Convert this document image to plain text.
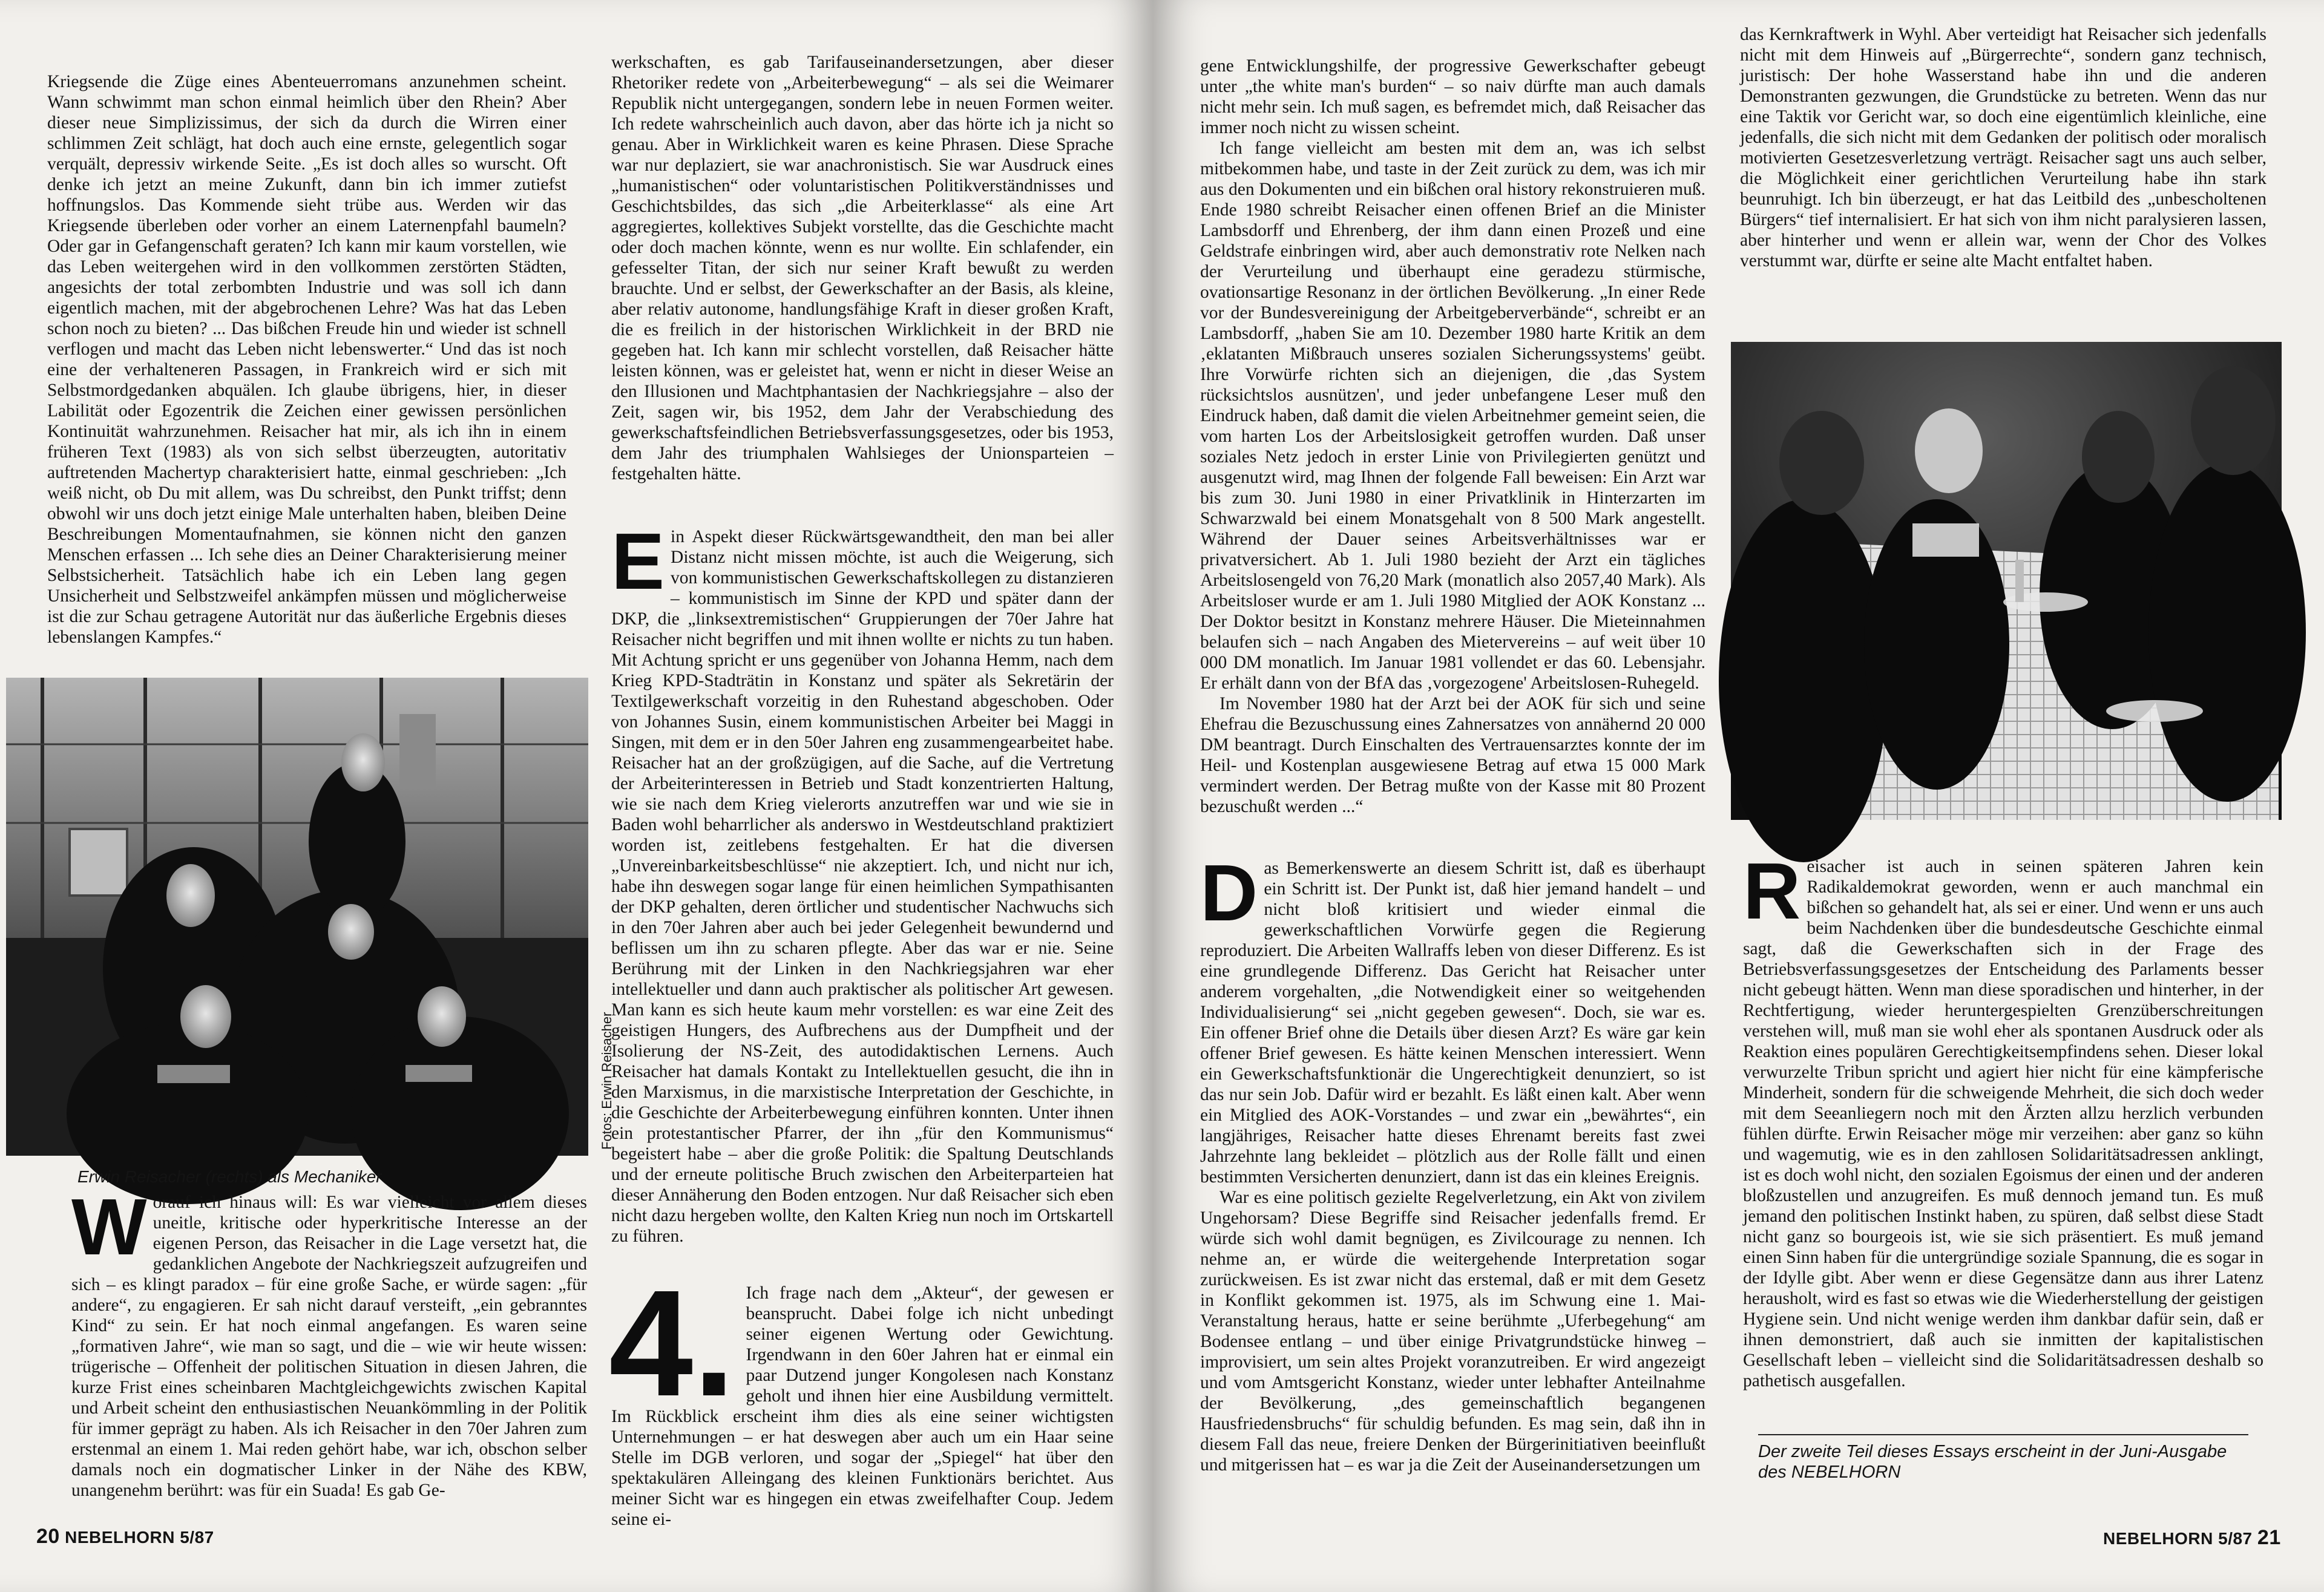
Kriegsende die Züge eines Abenteuerromans anzunehmen scheint. Wann schwimmt man schon einmal heimlich über den Rhein? Aber dieser neue Simplizissimus, der sich da durch die Wirren einer schlimmen Zeit schlägt, hat doch auch eine ernste, gelegentlich sogar verquält, depressiv wirkende Seite. „Es ist doch alles so wurscht. Oft denke ich jetzt an meine Zukunft, dann bin ich immer zutiefst hoffnungslos. Das Kommende sieht trübe aus. Werden wir das Kriegsende überleben oder vorher an einem Laternenpfahl baumeln? Oder gar in Gefangenschaft geraten? Ich kann mir kaum vorstellen, wie das Leben weitergehen wird in den vollkommen zerstörten Städten, angesichts der total zerbombten Industrie und was soll ich dann eigentlich machen, mit der abgebrochenen Lehre? Was hat das Leben schon noch zu bieten? ... Das bißchen Freude hin und wieder ist schnell verflogen und macht das Leben nicht lebenswerter.“ Und das ist noch eine der verhalteneren Passagen, in Frankreich wird er sich mit Selbstmordgedanken abquälen. Ich glaube übrigens, hier, in dieser Labilität oder Egozentrik die Zeichen einer gewissen persönlichen Kontinuität wahrzunehmen. Reisacher hat mir, als ich ihn in einem früheren Text (1983) als von sich selbst überzeugten, autoritativ auftretenden Machertyp charakterisiert hatte, einmal geschrieben: „Ich weiß nicht, ob Du mit allem, was Du schreibst, den Punkt triffst; denn obwohl wir uns doch jetzt einige Male unterhalten haben, bleiben Deine Beschreibungen Momentaufnahmen, sie können nicht den ganzen Menschen erfassen ... Ich sehe dies an Deiner Charakterisierung meiner Selbstsicherheit. Tatsächlich habe ich ein Leben lang gegen Unsicherheit und Selbstzweifel ankämpfen müssen und möglicherweise ist die zur Schau getragene Autorität nur das äußerliche Ergebnis dieses lebenslangen Kampfes.“

Fotos: Erwin Reisacher
Erwin Reisacher (rechts) als Mechaniker
W orauf ich hinaus will: Es war vielleicht vor allem dieses uneitle, kritische oder hyperkritische Interesse an der eigenen Person, das Reisacher in die Lage versetzt hat, die gedanklichen Angebote der Nachkriegszeit aufzugreifen und sich – es klingt paradox – für eine große Sache, er würde sagen: „für andere“, zu engagieren. Er sah nicht darauf versteift, „ein gebranntes Kind“ zu sein. Er hat noch einmal angefangen. Es waren seine „formativen Jahre“, wie man so sagt, und die – wie wir heute wissen: trügerische – Offenheit der politischen Situation in diesen Jahren, die kurze Frist eines scheinbaren Machtgleichgewichts zwischen Kapital und Arbeit scheint den enthusiastischen Neuankömmling in der Politik für immer geprägt zu haben. Als ich Reisacher in den 70er Jahren zum erstenmal an einem 1. Mai reden gehört habe, war ich, obschon selber damals noch ein dogmatischer Linker in der Nähe des KBW, unangenehm berührt: was für ein Suada! Es gab Ge-

werkschaften, es gab Tarifauseinandersetzungen, aber dieser Rhetoriker redete von „Arbeiterbewegung“ – als sei die Weimarer Republik nicht untergegangen, sondern lebe in neuen Formen weiter. Ich redete wahrscheinlich auch davon, aber das hörte ich ja nicht so genau. Aber in Wirklichkeit waren es keine Phrasen. Diese Sprache war nur deplaziert, sie war anachronistisch. Sie war Ausdruck eines „humanistischen“ oder voluntaristischen Politikverständnisses und Geschichtsbildes, das sich „die Arbeiterklasse“ als eine Art aggregiertes, kollektives Subjekt vorstellte, das die Geschichte macht oder doch machen könnte, wenn es nur wollte. Ein schlafender, ein gefesselter Titan, der sich nur seiner Kraft bewußt zu werden brauchte. Und er selbst, der Gewerkschafter an der Basis, als kleine, aber relativ autonome, handlungsfähige Kraft in dieser großen Kraft, die es freilich in der historischen Wirklichkeit in der BRD nie gegeben hat. Ich kann mir schlecht vorstellen, daß Reisacher hätte leisten können, was er geleistet hat, wenn er nicht in dieser Weise an den Illusionen und Machtphantasien der Nachkriegsjahre – also der Zeit, sagen wir, bis 1952, dem Jahr der Verabschiedung des gewerkschaftsfeindlichen Betriebsverfassungsgesetzes, oder bis 1953, dem Jahr des triumphalen Wahlsieges der Unionsparteien – festgehalten hätte.

E in Aspekt dieser Rückwärtsgewandtheit, den man bei aller Distanz nicht missen möchte, ist auch die Weigerung, sich von kommunistischen Gewerkschaftskollegen zu distanzieren – kommunistisch im Sinne der KPD und später dann der DKP, die „linksextremistischen“ Gruppierungen der 70er Jahre hat Reisacher nicht begriffen und mit ihnen wollte er nichts zu tun haben. Mit Achtung spricht er uns gegenüber von Johanna Hemm, nach dem Krieg KPD-Stadträtin in Konstanz und später als Sekretärin der Textilgewerkschaft vorzeitig in den Ruhestand abgeschoben. Oder von Johannes Susin, einem kommunistischen Arbeiter bei Maggi in Singen, mit dem er in den 50er Jahren eng zusammengearbeitet habe. Reisacher hat an der großzügigen, auf die Sache, auf die Vertretung der Arbeiterinteressen in Betrieb und Stadt konzentrierten Haltung, wie sie nach dem Krieg vielerorts anzutreffen war und wie sie in Baden wohl beharrlicher als anderswo in Westdeutschland praktiziert worden ist, zeitlebens festgehalten. Er hat die diversen „Unvereinbarkeitsbeschlüsse“ nie akzeptiert. Ich, und nicht nur ich, habe ihn deswegen sogar lange für einen heimlichen Sympathisanten der DKP gehalten, deren örtlicher und studentischer Nachwuchs sich in den 70er Jahren aber auch bei jeder Gelegenheit bewundernd und beflissen um ihn zu scharen pflegte. Aber das war er nie. Seine Berührung mit der Linken in den Nachkriegsjahren war eher intellektueller und dann auch praktischer als politischer Art gewesen. Man kann es sich heute kaum mehr vorstellen: es war eine Zeit des geistigen Hungers, des Aufbrechens aus der Dumpfheit und der Isolierung der NS-Zeit, des autodidaktischen Lernens. Auch Reisacher hat damals Kontakt zu Intellektuellen gesucht, die ihn in den Marxismus, in die marxistische Interpretation der Geschichte, in die Geschichte der Arbeiterbewegung einführen konnten. Unter ihnen ein protestantischer Pfarrer, der ihn „für den Kommunismus“ begeistert habe – aber die große Politik: die Spaltung Deutschlands und der erneute politische Bruch zwischen den Arbeiterparteien hat dieser Annäherung den Boden entzogen. Nur daß Reisacher sich eben nicht dazu hergeben wollte, den Kalten Krieg nun noch im Ortskartell zu führen.

4. Ich frage nach dem „Akteur“, der gewesen er beansprucht. Dabei folge ich nicht unbedingt seiner eigenen Wertung oder Gewichtung. Irgendwann in den 60er Jahren hat er einmal ein paar Dutzend junger Kongolesen nach Konstanz geholt und ihnen hier eine Ausbildung vermittelt. Im Rückblick erscheint ihm dies als eine seiner wichtigsten Unternehmungen – er hat deswegen aber auch um ein Haar seine Stelle im DGB verloren, und sogar der „Spiegel“ hat über den spektakulären Alleingang des kleinen Funktionärs berichtet. Aus meiner Sicht war es hingegen ein etwas zweifelhafter Coup. Jedem seine ei-

20 NEBELHORN 5/87

gene Entwicklungshilfe, der progressive Gewerkschafter gebeugt unter „the white man's burden“ – so naiv dürfte man auch damals nicht mehr sein. Ich muß sagen, es befremdet mich, daß Reisacher das immer noch nicht zu wissen scheint.

Ich fange vielleicht am besten mit dem an, was ich selbst mitbekommen habe, und taste in der Zeit zurück zu dem, was ich mir aus den Dokumenten und ein bißchen oral history rekonstruieren muß. Ende 1980 schreibt Reisacher einen offenen Brief an die Minister Lambsdorff und Ehrenberg, der ihm dann einen Prozeß und eine Geldstrafe einbringen wird, aber auch demonstrativ rote Nelken nach der Verurteilung und überhaupt eine geradezu stürmische, ovationsartige Resonanz in der örtlichen Bevölkerung. „In einer Rede vor der Bundesvereinigung der Arbeitgeberverbände“, schreibt er an Lambsdorff, „haben Sie am 10. Dezember 1980 harte Kritik an dem ‚eklatanten Mißbrauch unseres sozialen Sicherungssystems' geübt. Ihre Vorwürfe richten sich an diejenigen, die ‚das System rücksichtslos ausnützen', und jeder unbefangene Leser muß den Eindruck haben, daß damit die vielen Arbeitnehmer gemeint seien, die vom harten Los der Arbeitslosigkeit getroffen wurden. Daß unser soziales Netz jedoch in erster Linie von Privilegierten genützt und ausgenutzt wird, mag Ihnen der folgende Fall beweisen: Ein Arzt war bis zum 30. Juni 1980 in einer Privatklinik in Hinterzarten im Schwarzwald bei einem Monatsgehalt von 8 500 Mark angestellt. Während der Dauer seines Arbeitsverhältnisses war er privatversichert. Ab 1. Juli 1980 bezieht der Arzt ein tägliches Arbeitslosengeld von 76,20 Mark (monatlich also 2057,40 Mark). Als Arbeitsloser wurde er am 1. Juli 1980 Mitglied der AOK Konstanz ... Der Doktor besitzt in Konstanz mehrere Häuser. Die Mieteinnahmen belaufen sich – nach Angaben des Mietervereins – auf weit über 10 000 DM monatlich. Im Januar 1981 vollendet er das 60. Lebensjahr. Er erhält dann von der BfA das ‚vorgezogene' Arbeitslosen-Ruhegeld.

Im November 1980 hat der Arzt bei der AOK für sich und seine Ehefrau die Bezuschussung eines Zahnersatzes von annähernd 20 000 DM beantragt. Durch Einschalten des Vertrauensarztes konnte der im Heil- und Kostenplan ausgewiesene Betrag auf etwa 15 000 Mark vermindert werden. Der Betrag mußte von der Kasse mit 80 Prozent bezuschußt werden ...“

D as Bemerkenswerte an diesem Schritt ist, daß es überhaupt ein Schritt ist. Der Punkt ist, daß hier jemand handelt – und nicht bloß kritisiert und wieder einmal die gewerkschaftlichen Vorwürfe gegen die Regierung reproduziert. Die Arbeiten Wallraffs leben von dieser Differenz. Es ist eine grundlegende Differenz. Das Gericht hat Reisacher unter anderem vorgehalten, „die Notwendigkeit einer so weitgehenden Individualisierung“ sei „nicht gegeben gewesen“. Doch, sie war es. Ein offener Brief ohne die Details über diesen Arzt? Es wäre gar kein offener Brief gewesen. Es hätte keinen Menschen interessiert. Wenn ein Gewerkschaftsfunktionär die Ungerechtigkeit denunziert, so ist das nur sein Job. Dafür wird er bezahlt. Es läßt einen kalt. Aber wenn ein Mitglied des AOK-Vorstandes – und zwar ein „bewährtes“, ein langjähriges, Reisacher hatte dieses Ehrenamt bereits fast zwei Jahrzehnte lang bekleidet – plötzlich aus der Rolle fällt und einen bestimmten Versicherten denunziert, dann ist das ein kleines Ereignis.

War es eine politisch gezielte Regelverletzung, ein Akt von zivilem Ungehorsam? Diese Begriffe sind Reisacher jedenfalls fremd. Er würde sich wohl damit begnügen, es Zivilcourage zu nennen. Ich nehme an, er würde die weitergehende Interpretation sogar zurückweisen. Es ist zwar nicht das erstemal, daß er mit dem Gesetz in Konflikt gekommen ist. 1975, als im Schwung eine 1. Mai-Veranstaltung heraus, hatte er seine berühmte „Uferbegehung“ am Bodensee entlang – und über einige Privatgrundstücke hinweg – improvisiert, um sein altes Projekt voranzutreiben. Er wird angezeigt und vom Amtsgericht Konstanz, wieder unter lebhafter Anteilnahme der Bevölkerung, „des gemeinschaftlich begangenen Hausfriedensbruchs“ für schuldig befunden. Es mag sein, daß ihn in diesem Fall das neue, freiere Denken der Bürgerinitiativen beeinflußt und mitgerissen hat – es war ja die Zeit der Auseinandersetzungen um

das Kernkraftwerk in Wyhl. Aber verteidigt hat Reisacher sich jedenfalls nicht mit dem Hinweis auf „Bürgerrechte“, sondern ganz technisch, juristisch: Der hohe Wasserstand habe ihn und die anderen Demonstranten gezwungen, die Grundstücke zu betreten. Wenn das nur eine Taktik vor Gericht war, so doch eine eigentümlich kleinliche, eine jedenfalls, die sich nicht mit dem Gedanken der politisch oder moralisch motivierten Gesetzesverletzung verträgt. Reisacher sagt uns auch selber, die Möglichkeit einer gerichtlichen Verurteilung habe ihn stark beunruhigt. Ich bin überzeugt, er hat das Leitbild des „unbescholtenen Bürgers“ tief internalisiert. Er hat sich von ihm nicht paralysieren lassen, aber hinterher und wenn er allein war, wenn der Chor des Volkes verstummt war, dürfte er seine alte Macht entfaltet haben.

R eisacher ist auch in seinen späteren Jahren kein Radikaldemokrat geworden, wenn er auch manchmal ein bißchen so gehandelt hat, als sei er einer. Und wenn er uns auch beim Nachdenken über die bundesdeutsche Geschichte einmal sagt, daß die Gewerkschaften sich in der Frage des Betriebsverfassungsgesetzes der Entscheidung des Parlaments besser nicht gebeugt hätten. Wenn man diese sporadischen und hinterher, in der Rechtfertigung, wieder heruntergespielten Grenzüberschreitungen verstehen will, muß man sie wohl eher als spontanen Ausdruck oder als Reaktion eines populären Gerechtigkeitsempfindens sehen. Dieser lokal verwurzelte Tribun spricht und agiert hier nicht für eine kämpferische Minderheit, sondern für die schweigende Mehrheit, die sich doch weder mit dem Seeanliegern noch mit den Ärzten allzu herzlich verbunden fühlen dürfte. Erwin Reisacher möge mir verzeihen: aber ganz so kühn und wagemutig, wie es in den zahllosen Solidaritätsadressen anklingt, ist es doch wohl nicht, den sozialen Egoismus der einen und der anderen bloßzustellen und anzugreifen. Es muß dennoch jemand tun. Es muß jemand den politischen Instinkt haben, zu spüren, daß selbst diese Stadt nicht ganz so bourgeois ist, wie sie sich präsentiert. Es muß jemand einen Sinn haben für die untergründige soziale Spannung, die es sogar in der Idylle gibt. Aber wenn er diese Gegensätze dann aus ihrer Latenz herausholt, wird es fast so etwas wie die Wiederherstellung der geistigen Hygiene sein. Und nicht wenige werden ihm dankbar dafür sein, daß er ihnen demonstriert, daß auch sie inmitten der kapitalistischen Gesellschaft leben – vielleicht sind die Solidaritätsadressen deshalb so pathetisch ausgefallen.

Der zweite Teil dieses Essays erscheint in der Juni-Ausgabe des NEBELHORN
NEBELHORN 5/87 21
